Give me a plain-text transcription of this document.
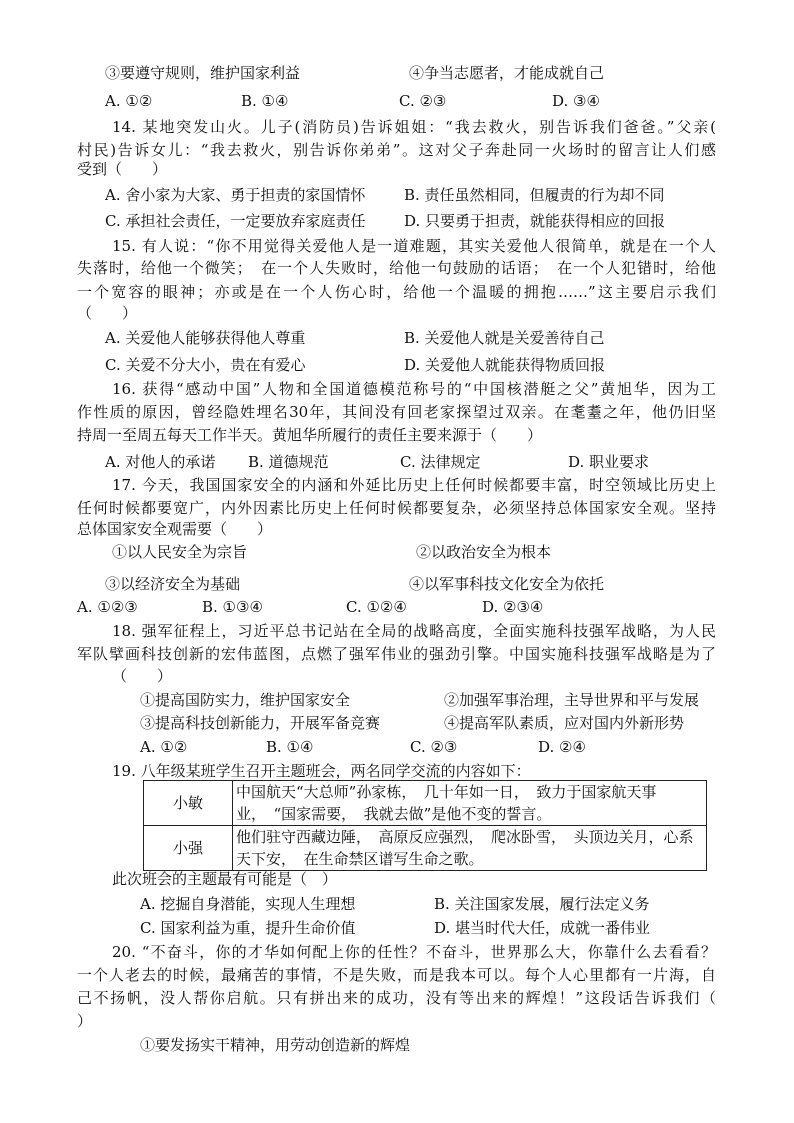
③要遵守规则，维护国家利益	④争当志愿者，才能成就自己
A. ①②	B. ①④	C. ②③	D. ③④
14. 某地突发山火。儿子(消防员)告诉姐姐：“我去救火，别告诉我们爸爸。”父亲(
村民)告诉女儿：“我去救火，别告诉你弟弟”。这对父子奔赴同一火场时的留言让人们感
受到（　　）
A. 舍小家为大家、勇于担责的家国情怀	B. 责任虽然相同，但履责的行为却不同
C. 承担社会责任，一定要放弃家庭责任	D. 只要勇于担责，就能获得相应的回报
15. 有人说：“你不用觉得关爱他人是一道难题，其实关爱他人很简单，就是在一个人
失落时，给他一个微笑；　在一个人失败时，给他一句鼓励的话语；　在一个人犯错时，给他
一个宽容的眼神；亦或是在一个人伤心时，给他一个温暖的拥抱……”这主要启示我们
（　　）
A. 关爱他人能够获得他人尊重	B. 关爱他人就是关爱善待自己
C. 关爱不分大小，贵在有爱心	D. 关爱他人就能获得物质回报
16. 获得“感动中国”人物和全国道德模范称号的“中国核潜艇之父”黄旭华，因为工
作性质的原因，曾经隐姓埋名30年，其间没有回老家探望过双亲。在耄耋之年，他仍旧坚
持周一至周五每天工作半天。黄旭华所履行的责任主要来源于（　　）
A. 对他人的承诺 B. 道德规范	C. 法律规定	D. 职业要求
17. 今天，我国国家安全的内涵和外延比历史上任何时候都要丰富，时空领域比历史上
任何时候都要宽广，内外因素比历史上任何时候都要复杂，必须坚持总体国家安全观。坚持
总体国家安全观需要（　　）
①以人民安全为宗旨	②以政治安全为根本
③以经济安全为基础	④以军事科技文化安全为依托
A. ①②③	B. ①③④	C. ①②④	D. ②③④
18. 强军征程上，习近平总书记站在全局的战略高度，全面实施科技强军战略，为人民
军队擘画科技创新的宏伟蓝图，点燃了强军伟业的强劲引擎。中国实施科技强军战略是为了
（　　）
①提高国防实力，维护国家安全	②加强军事治理，主导世界和平与发展
③提高科技创新能力，开展军备竞赛	④提高军队素质，应对国内外新形势
A. ①②	B. ①④	C. ②③	D. ②④
19. 八年级某班学生召开主题班会，两名同学交流的内容如下：
小敏	中国航天“大总师”孙家栋，　几十年如一日，　致力于国家航天事业，　“国家需要，　我就去做”是他不变的誓言。
小强	他们驻守西藏边陲，　高原反应强烈，　爬冰卧雪，　头顶边关月，心系天下安，　在生命禁区谱写生命之歌。
此次班会的主题最有可能是（　）
A. 挖掘自身潜能，实现人生理想	B. 关注国家发展，履行法定义务
C. 国家利益为重，提升生命价值	D. 堪当时代大任，成就一番伟业
20. “不奋斗，你的才华如何配上你的任性？不奋斗，世界那么大，你靠什么去看看？
一个人老去的时候，最痛苦的事情，不是失败，而是我本可以。每个人心里都有一片海，自
己不扬帆，没人帮你启航。只有拼出来的成功，没有等出来的辉煌！”这段话告诉我们（
）
①要发扬实干精神，用劳动创造新的辉煌
